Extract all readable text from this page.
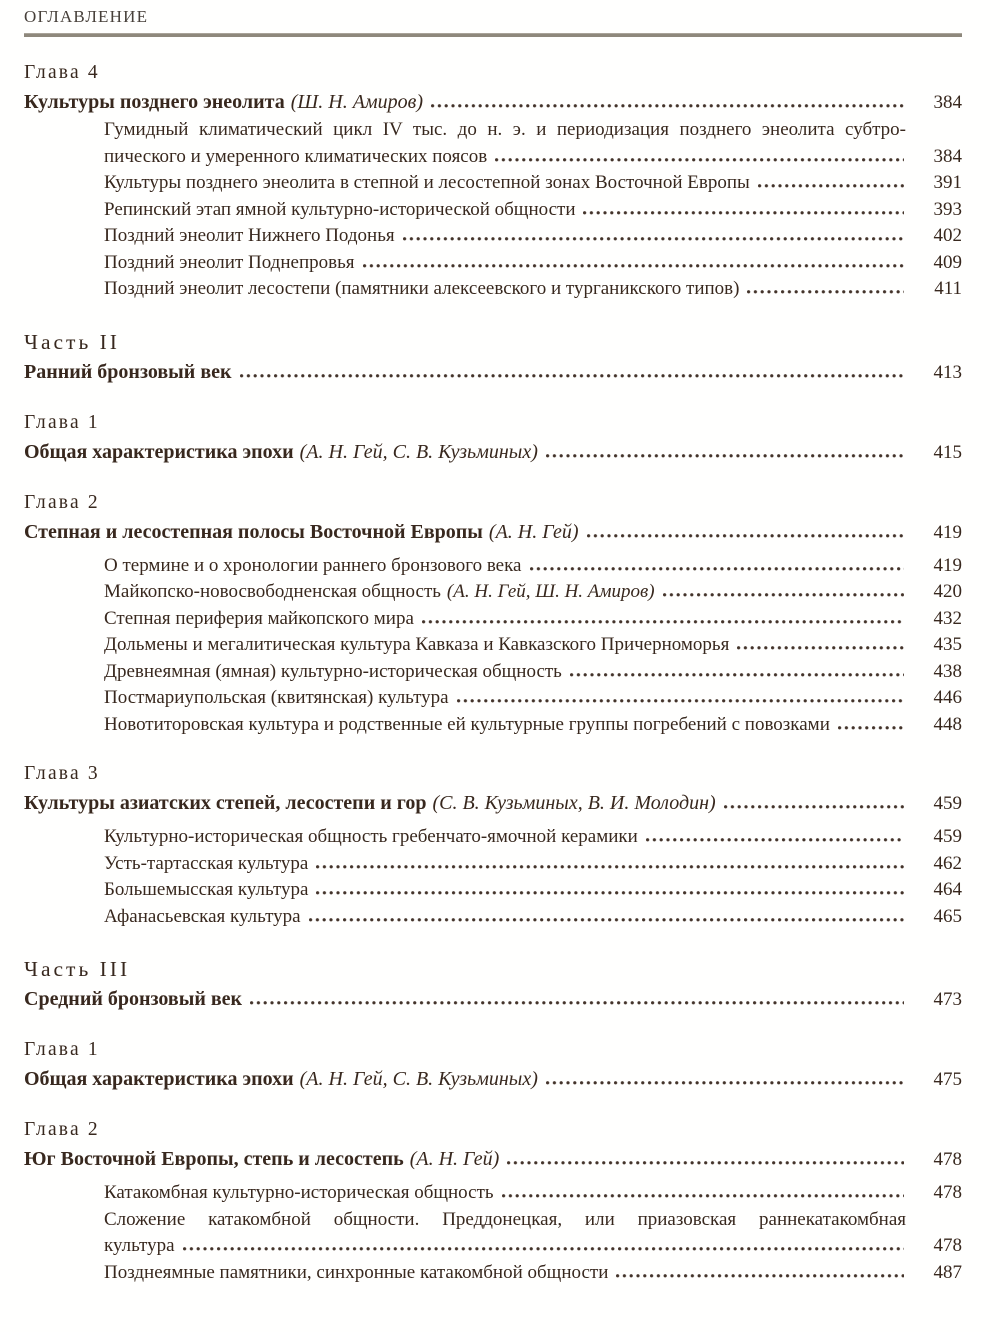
ОГЛАВЛЕНИЕ
Глава 4
Культуры позднего энеолита (Ш. Н. Амиров)	384
Гумидный климатический цикл IV тыс. до н. э. и периодизация позднего энеолита субтро-
пического и умеренного климатических поясов	384
Культуры позднего энеолита в степной и лесостепной зонах Восточной Европы	391
Репинский этап ямной культурно-исторической общности	393
Поздний энеолит Нижнего Подонья	402
Поздний энеолит Поднепровья	409
Поздний энеолит лесостепи (памятники алексеевского и турганикского типов)	411
Часть II
Ранний бронзовый век	413
Глава 1
Общая характеристика эпохи (А. Н. Гей, С. В. Кузьминых)	415
Глава 2
Степная и лесостепная полосы Восточной Европы (А. Н. Гей)	419
О термине и о хронологии раннего бронзового века	419
Майкопско-новосвободненская общность (А. Н. Гей, Ш. Н. Амиров)	420
Степная периферия майкопского мира	432
Дольмены и мегалитическая культура Кавказа и Кавказского Причерноморья	435
Древнеямная (ямная) культурно-историческая общность	438
Постмариупольская (квитянская) культура	446
Новотиторовская культура и родственные ей культурные группы погребений с повозками	448
Глава 3
Культуры азиатских степей, лесостепи и гор (С. В. Кузьминых, В. И. Молодин)	459
Культурно-историческая общность гребенчато-ямочной керамики	459
Усть-тартасская культура	462
Большемысская культура	464
Афанасьевская культура	465
Часть III
Средний бронзовый век	473
Глава 1
Общая характеристика эпохи (А. Н. Гей, С. В. Кузьминых)	475
Глава 2
Юг Восточной Европы, степь и лесостепь (А. Н. Гей)	478
Катакомбная культурно-историческая общность	478
Сложение катакомбной общности. Преддонецкая, или приазовская раннекатакомбная
культура	478
Позднеямные памятники, синхронные катакомбной общности	487
